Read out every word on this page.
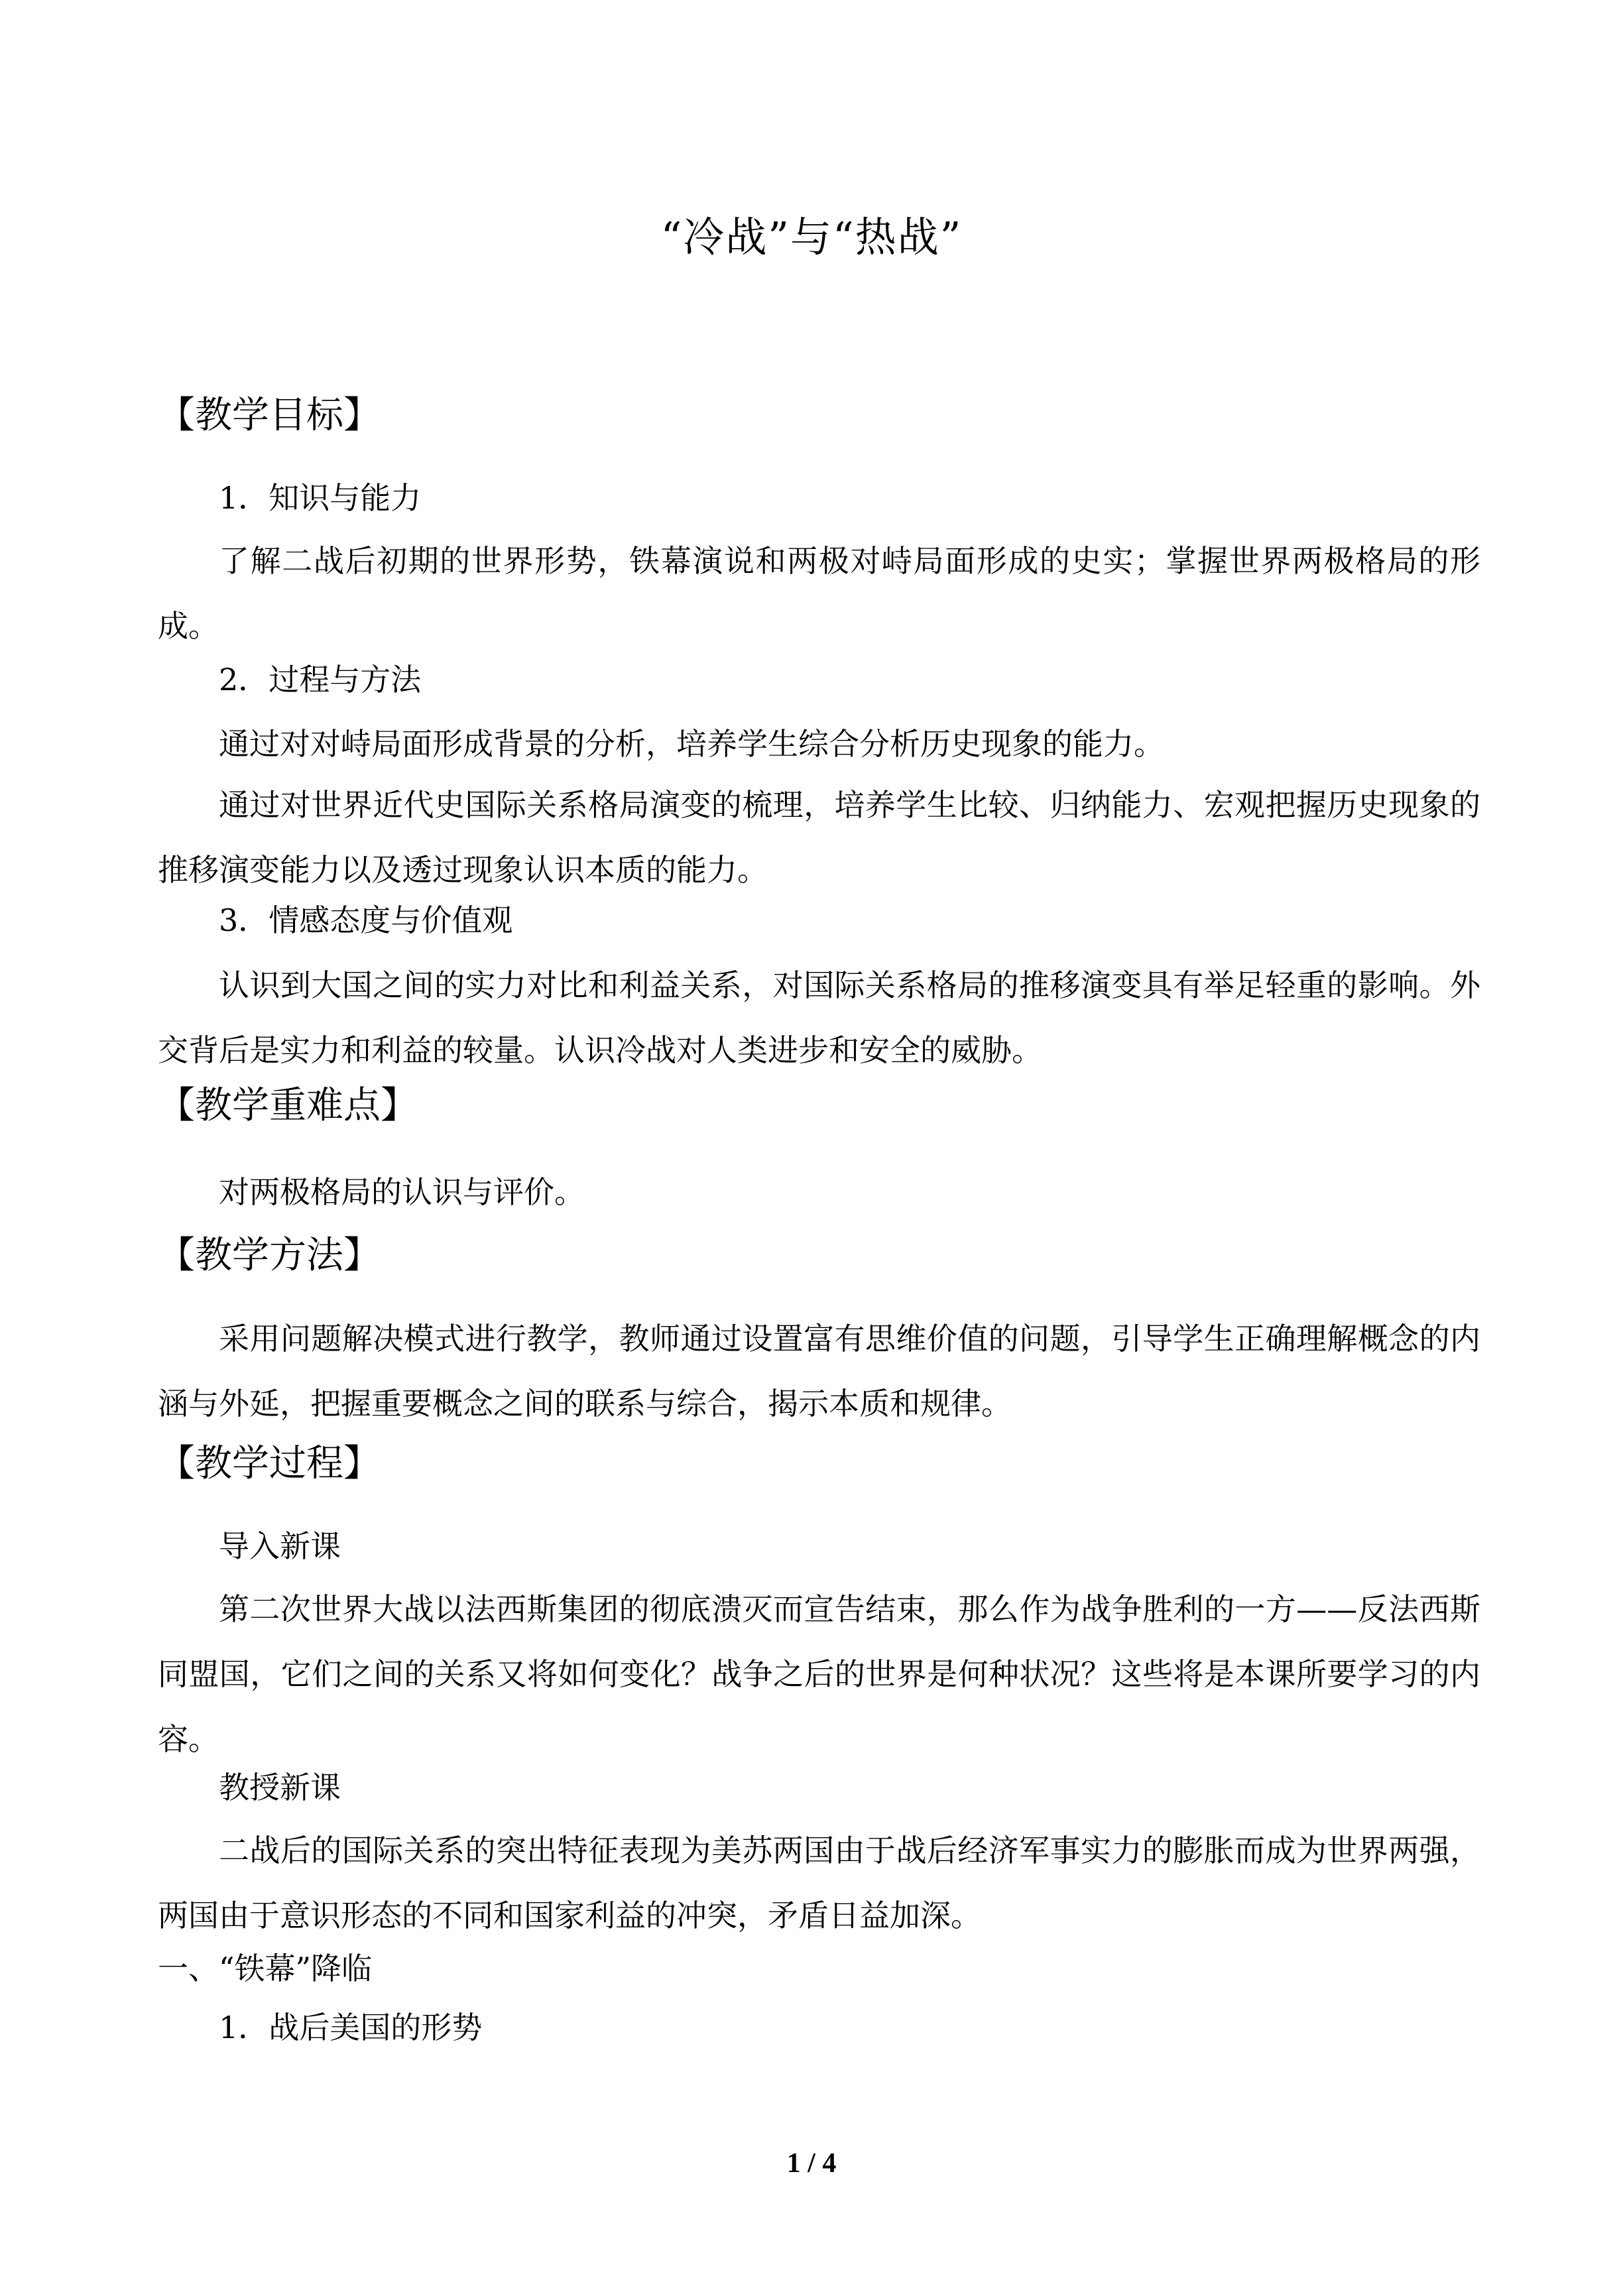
“冷战”与“热战”
【教学目标】
1．知识与能力
了解二战后初期的世界形势，铁幕演说和两极对峙局面形成的史实；掌握世界两极格局的形成。
2．过程与方法
通过对对峙局面形成背景的分析，培养学生综合分析历史现象的能力。
通过对世界近代史国际关系格局演变的梳理，培养学生比较、归纳能力、宏观把握历史现象的推移演变能力以及透过现象认识本质的能力。
3．情感态度与价值观
认识到大国之间的实力对比和利益关系，对国际关系格局的推移演变具有举足轻重的影响。外交背后是实力和利益的较量。认识冷战对人类进步和安全的威胁。
【教学重难点】
对两极格局的认识与评价。
【教学方法】
采用问题解决模式进行教学，教师通过设置富有思维价值的问题，引导学生正确理解概念的内涵与外延，把握重要概念之间的联系与综合，揭示本质和规律。
【教学过程】
导入新课
第二次世界大战以法西斯集团的彻底溃灭而宣告结束，那么作为战争胜利的一方——反法西斯同盟国，它们之间的关系又将如何变化？战争之后的世界是何种状况？这些将是本课所要学习的内容。
教授新课
二战后的国际关系的突出特征表现为美苏两国由于战后经济军事实力的膨胀而成为世界两强，两国由于意识形态的不同和国家利益的冲突，矛盾日益加深。
一、“铁幕”降临
1．战后美国的形势
1 / 4
